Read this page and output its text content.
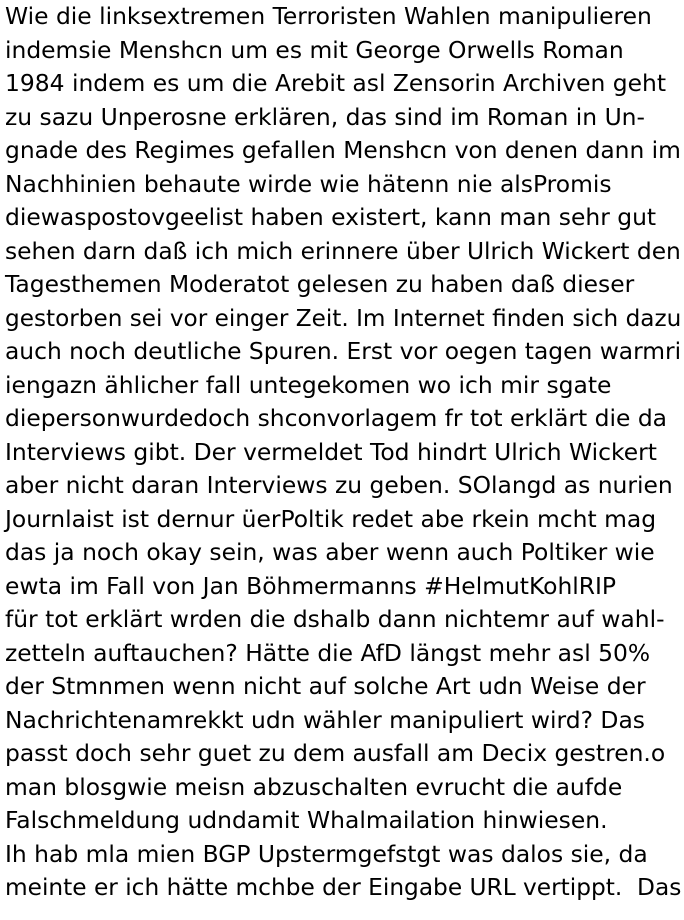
Wie die linksextremen Terroristen Wahlen manipulieren
indemsie Menshcn um es mit George Orwells Roman
1984 indem es um die Arebit asl Zensorin Archiven geht
zu sazu Unperosne erklären, das sind im Roman in Un-
gnade des Regimes gefallen Menshcn von denen dann im
Nachhinien behaute wirde wie hätenn nie alsPromis
diewaspostovgeelist haben existert, kann man sehr gut
sehen darn daß ich mich erinnere über Ulrich Wickert den
Tagesthemen Moderatot gelesen zu haben daß dieser
gestorben sei vor einger Zeit. Im Internet finden sich dazu
auch noch deutliche Spuren. Erst vor oegen tagen warmri
iengazn ählicher fall untegekomen wo ich mir sgate
diepersonwurdedoch shconvorlagem fr tot erklärt die da
Interviews gibt. Der vermeldet Tod hindrt Ulrich Wickert
aber nicht daran Interviews zu geben. SOlangd as nurien
Journlaist ist dernur üerPoltik redet abe rkein mcht mag
das ja noch okay sein, was aber wenn auch Poltiker wie
ewta im Fall von Jan Böhmermanns #HelmutKohlRIP
für tot erklärt wrden die dshalb dann nichtemr auf wahl-
zetteln auftauchen? Hätte die AfD längst mehr asl 50%
der Stmnmen wenn nicht auf solche Art udn Weise der
Nachrichtenamrekkt udn wähler manipuliert wird? Das
passt doch sehr guet zu dem ausfall am Decix gestren.o
man blosgwie meisn abzuschalten evrucht die aufde
Falschmeldung udndamit Whalmailation hinwiesen.
Ih hab mla mien BGP Upstermgefstgt was dalos sie, da
meinte er ich hätte mchbe der Eingabe URL vertippt.  Das
